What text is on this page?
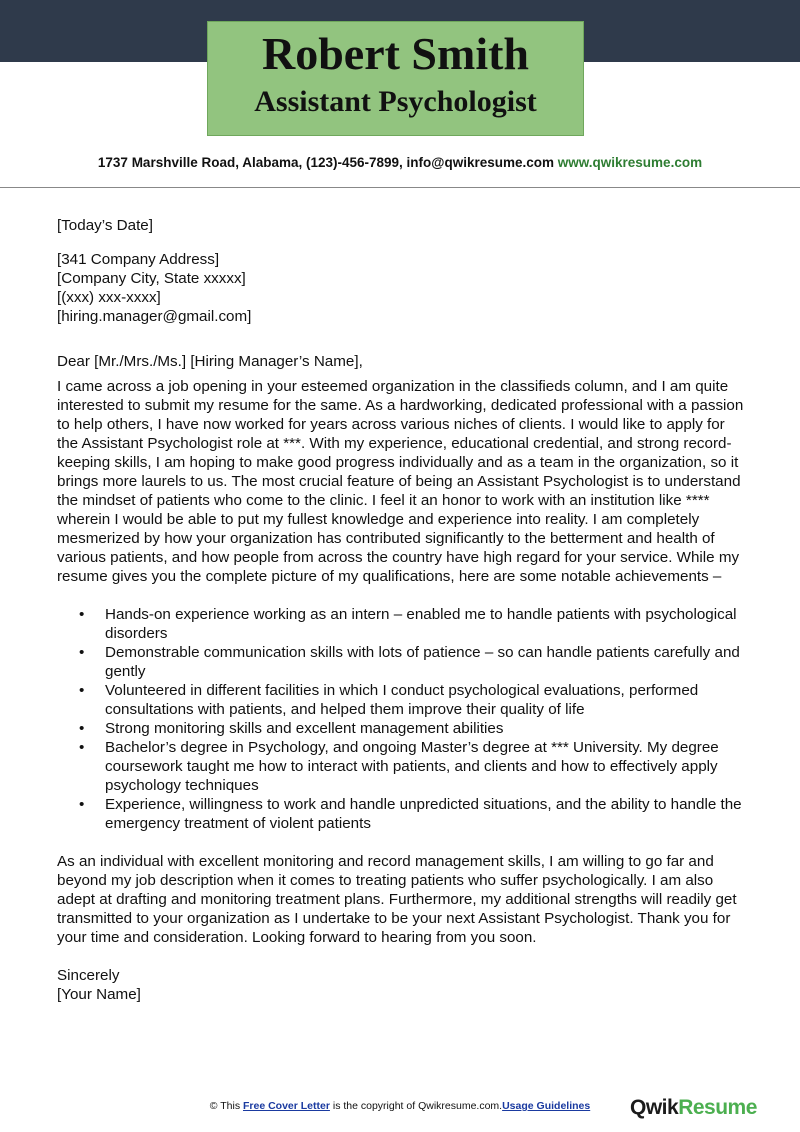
Robert Smith
Assistant Psychologist
1737 Marshville Road, Alabama, (123)-456-7899, info@qwikresume.com www.qwikresume.com

[Today’s Date]

[341 Company Address]

[Company City, State xxxxx]

[(xxx) xxx-xxxx]

[hiring.manager@gmail.com]

Dear [Mr./Mrs./Ms.] [Hiring Manager’s Name],

I came across a job opening in your esteemed organization in the classifieds column, and I am quite interested to submit my resume for the same. As a hardworking, dedicated professional with a passion to help others, I have now worked for years across various niches of clients. I would like to apply for the Assistant Psychologist role at ***. With my experience, educational credential, and strong record-keeping skills, I am hoping to make good progress individually and as a team in the organization, so it brings more laurels to us. The most crucial feature of being an Assistant Psychologist is to understand the mindset of patients who come to the clinic. I feel it an honor to work with an institution like **** wherein I would be able to put my fullest knowledge and experience into reality. I am completely mesmerized by how your organization has contributed significantly to the betterment and health of various patients, and how people from across the country have high regard for your service. While my resume gives you the complete picture of my qualifications, here are some notable achievements –

• Hands-on experience working as an intern – enabled me to handle patients with psychological disorders
• Demonstrable communication skills with lots of patience – so can handle patients carefully and gently
• Volunteered in different facilities in which I conduct psychological evaluations, performed consultations with patients, and helped them improve their quality of life
• Strong monitoring skills and excellent management abilities
• Bachelor’s degree in Psychology, and ongoing Master’s degree at *** University. My degree coursework taught me how to interact with patients, and clients and how to effectively apply psychology techniques
• Experience, willingness to work and handle unpredicted situations, and the ability to handle the emergency treatment of violent patients

As an individual with excellent monitoring and record management skills, I am willing to go far and beyond my job description when it comes to treating patients who suffer psychologically. I am also adept at drafting and monitoring treatment plans. Furthermore, my additional strengths will readily get transmitted to your organization as I undertake to be your next Assistant Psychologist. Thank you for your time and consideration. Looking forward to hearing from you soon.

Sincerely

[Your Name]

© This Free Cover Letter is the copyright of Qwikresume.com.Usage Guidelines	QwikResume
